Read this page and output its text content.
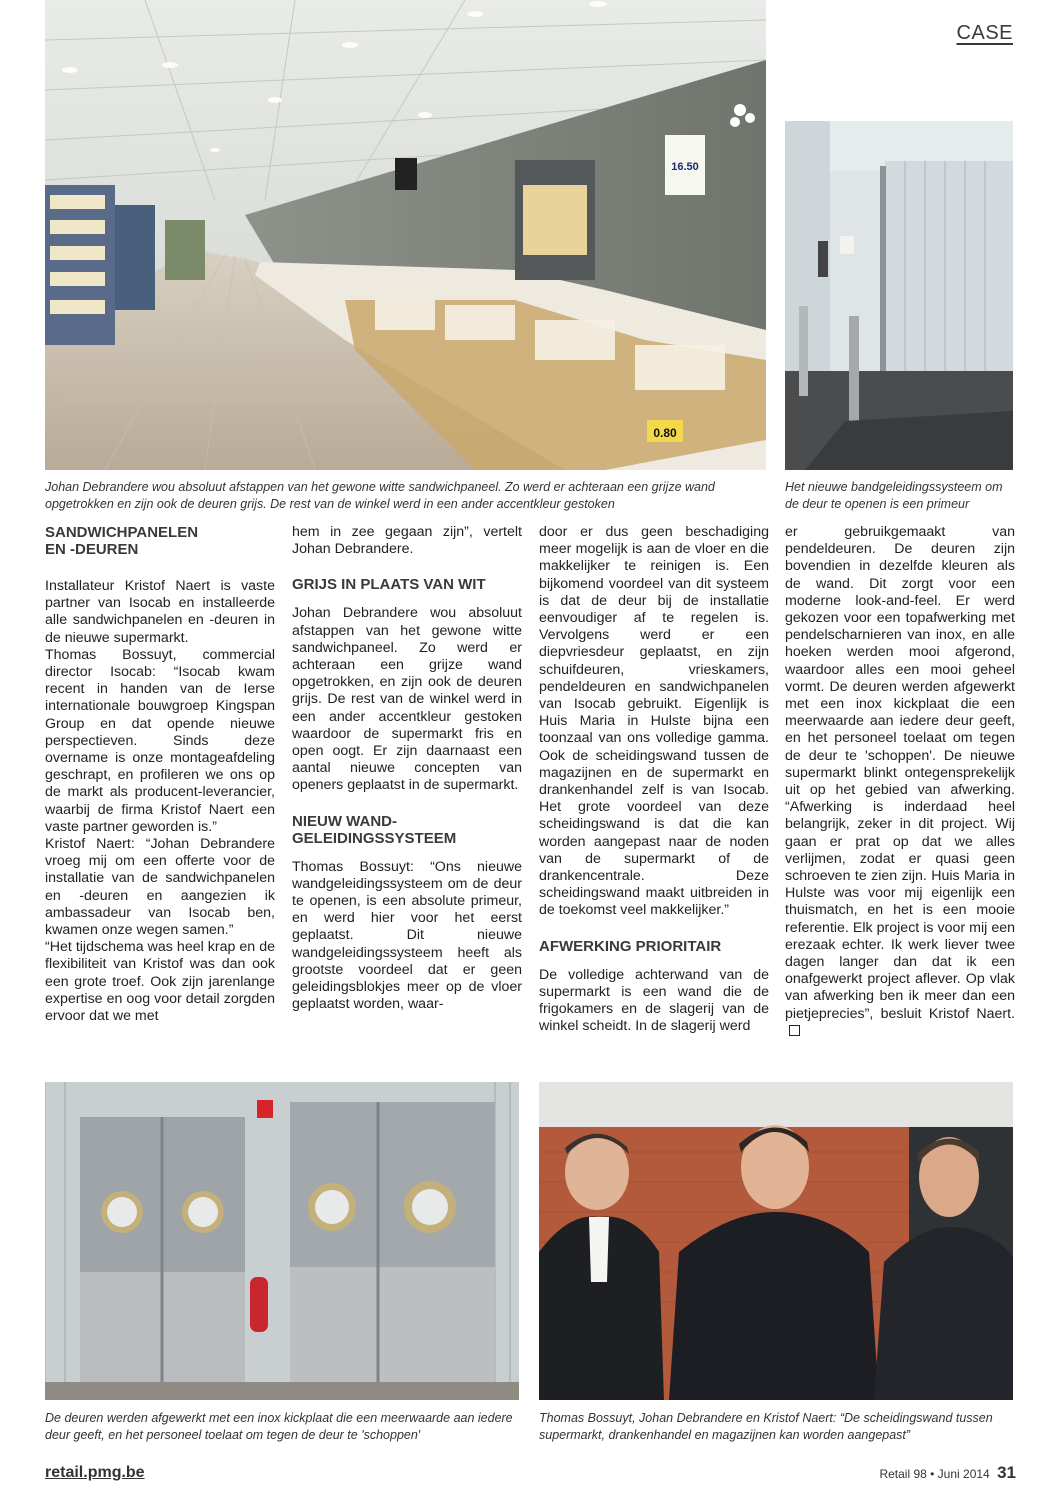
CASE
16.50
0.80
Johan Debrandere wou absoluut afstappen van het gewone witte sandwichpaneel. Zo werd er achteraan een grijze wand opgetrokken en zijn ook de deuren grijs. De rest van de winkel werd in een ander accentkleur gestoken
Het nieuwe bandgeleidingssysteem om de deur te openen is een primeur
SANDWICHPANELEN EN -DEUREN

Installateur Kristof Naert is vaste partner van Isocab en installeerde alle sandwichpanelen en -deuren in de nieuwe supermarkt.

Thomas Bossuyt, commercial director Isocab: “Isocab kwam recent in handen van de Ierse internationale bouwgroep Kingspan Group en dat opende nieuwe perspectieven. Sinds deze overname is onze montageafdeling geschrapt, en profileren we ons op de markt als producent-leverancier, waarbij de firma Kristof Naert een vaste partner geworden is.”

Kristof Naert: “Johan Debrandere vroeg mij om een offerte voor de installatie van de sandwichpanelen en -deuren en aangezien ik ambassadeur van Isocab ben, kwamen onze wegen samen.”

“Het tijdschema was heel krap en de flexibiliteit van Kristof was dan ook een grote troef. Ook zijn jarenlange expertise en oog voor detail zorgden ervoor dat we met

hem in zee gegaan zijn”, vertelt Johan Debrandere.

GRIJS IN PLAATS VAN WIT

Johan Debrandere wou absoluut afstappen van het gewone witte sandwichpaneel. Zo werd er achteraan een grijze wand opgetrokken, en zijn ook de deuren grijs. De rest van de winkel werd in een ander accentkleur gestoken waardoor de supermarkt fris en open oogt. Er zijn daarnaast een aantal nieuwe concepten van openers geplaatst in de supermarkt.

NIEUW WAND-GELEIDINGSSYSTEEM

Thomas Bossuyt: “Ons nieuwe wandgeleidingssysteem om de deur te openen, is een absolute primeur, en werd hier voor het eerst geplaatst. Dit nieuwe wandgeleidingssysteem heeft als grootste voordeel dat er geen geleidingsblokjes meer op de vloer geplaatst worden, waar-

door er dus geen beschadiging meer mogelijk is aan de vloer en die makkelijker te reinigen is. Een bijkomend voordeel van dit systeem is dat de deur bij de installatie eenvoudiger af te regelen is. Vervolgens werd er een diepvriesdeur geplaatst, en zijn schuifdeuren, vrieskamers, pendeldeuren en sandwichpanelen van Isocab gebruikt. Eigenlijk is Huis Maria in Hulste bijna een toonzaal van ons volledige gamma. Ook de scheidingswand tussen de magazijnen en de supermarkt en drankenhandel zelf is van Isocab. Het grote voordeel van deze scheidingswand is dat die kan worden aangepast naar de noden van de supermarkt of de drankencentrale. Deze scheidingswand maakt uitbreiden in de toekomst veel makkelijker.”

AFWERKING PRIORITAIR

De volledige achterwand van de supermarkt is een wand die de frigokamers en de slagerij van de winkel scheidt. In de slagerij werd

er gebruikgemaakt van pendeldeuren. De deuren zijn bovendien in dezelfde kleuren als de wand. Dit zorgt voor een moderne look-and-feel. Er werd gekozen voor een topafwerking met pendelscharnieren van inox, en alle hoeken werden mooi afgerond, waardoor alles een mooi geheel vormt. De deuren werden afgewerkt met een inox kickplaat die een meerwaarde aan iedere deur geeft, en het personeel toelaat om tegen de deur te 'schoppen'. De nieuwe supermarkt blinkt ontegensprekelijk uit op het gebied van afwerking. “Afwerking is inderdaad heel belangrijk, zeker in dit project. Wij gaan er prat op dat we alles verlijmen, zodat er quasi geen schroeven te zien zijn. Huis Maria in Hulste was voor mij eigenlijk een thuismatch, en het is een mooie referentie. Elk project is voor mij een erezaak echter. Ik werk liever twee dagen langer dan dat ik een onafgewerkt project aflever. Op vlak van afwerking ben ik meer dan een pietjeprecies”, besluit Kristof Naert.

De deuren werden afgewerkt met een inox kickplaat die een meerwaarde aan iedere deur geeft, en het personeel toelaat om tegen de deur te 'schoppen'
Thomas Bossuyt, Johan Debrandere en Kristof Naert: “De scheidingswand tussen supermarkt, drankenhandel en magazijnen kan worden aangepast”
retail.pmg.be	Retail 98 • Juni 2014 31
